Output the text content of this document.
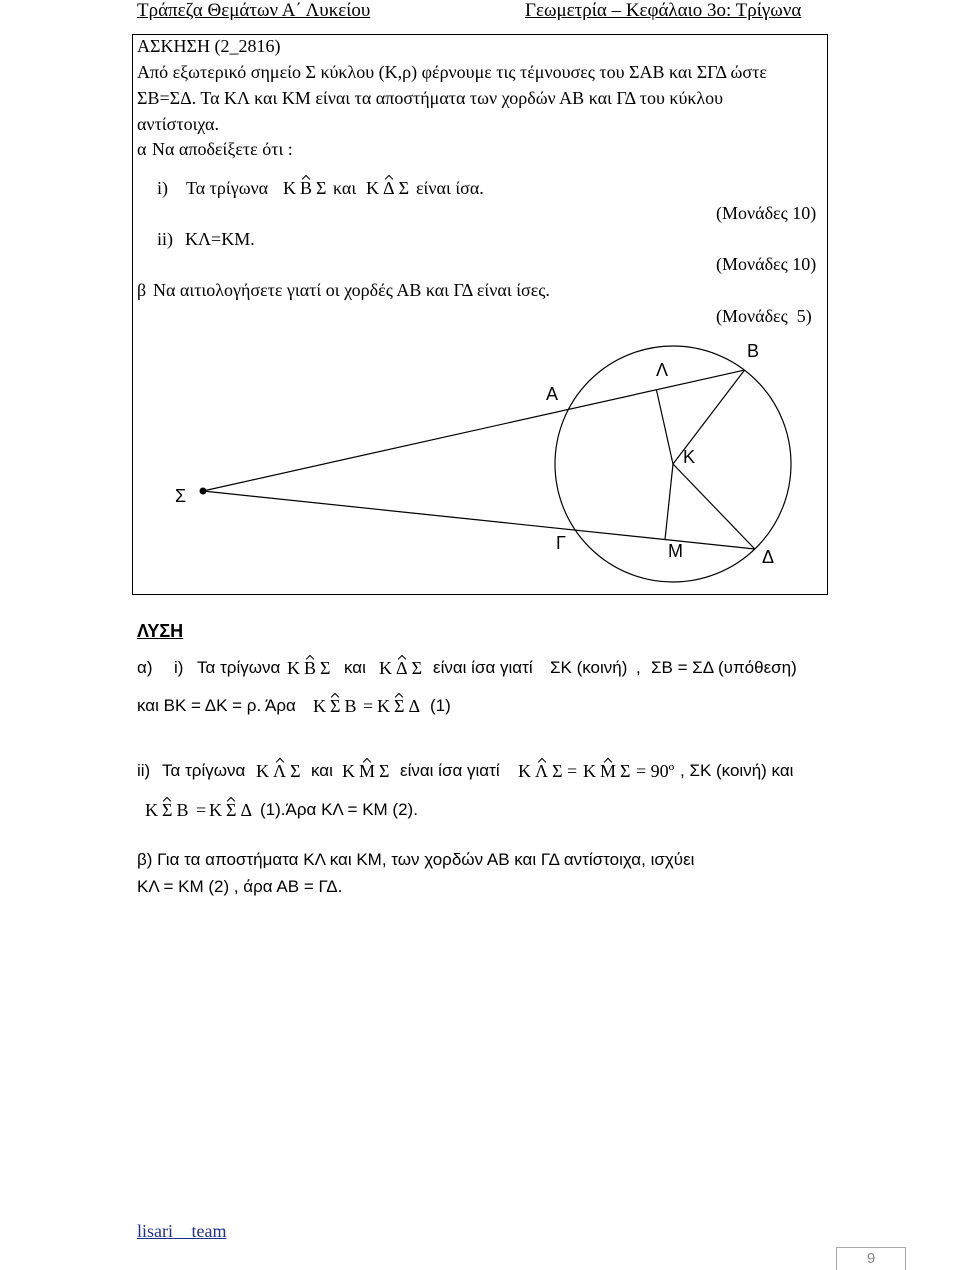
Τράπεζα Θεμάτων Α΄ Λυκείου	Γεωμετρία – Κεφάλαιο 3ο: Τρίγωνα
ΑΣΚΗΣΗ (2_2816)
Από εξωτερικό σημείο Σ κύκλου (Κ,ρ) φέρνουμε τις τέμνουσες του ΣΑΒ και ΣΓΔ ώστε
ΣΒ=ΣΔ. Τα ΚΛ και ΚΜ είναι τα αποστήματα των χορδών ΑΒ και ΓΔ του κύκλου
αντίστοιχα.
α Να αποδείξετε ότι :
i) Τα τρίγωνα Κ Β Σ και Κ Δ Σ είναι ίσα.
(Μονάδες 10)
ii) ΚΛ=ΚΜ.
(Μονάδες 10)
β Να αιτιολογήσετε γιατί οι χορδές ΑΒ και ΓΔ είναι ίσες.
(Μονάδες  5)
Α
Β
Λ
Κ
Σ
Γ	Μ	Δ
ΛΥΣΗ
α) i) Τα τρίγωνα Κ Β Σ και Κ Δ Σ είναι ίσα γιατί ΣΚ (κοινή) , ΣΒ = ΣΔ (υπόθεση)
και ΒΚ = ΔΚ = ρ. Άρα Κ Σ Β = Κ Σ Δ (1)
ii) Τα τρίγωνα Κ Λ Σ και Κ Μ Σ είναι ίσα γιατί Κ Λ Σ = Κ Μ Σ = 90º , ΣΚ (κοινή) και
Κ Σ Β = Κ Σ Δ (1).Άρα ΚΛ = ΚΜ (2).
β) Για τα αποστήματα ΚΛ και ΚΜ, των χορδών ΑΒ και ΓΔ αντίστοιχα, ισχύει
ΚΛ = ΚΜ (2) , άρα ΑΒ = ΓΔ.
lisari team
9
